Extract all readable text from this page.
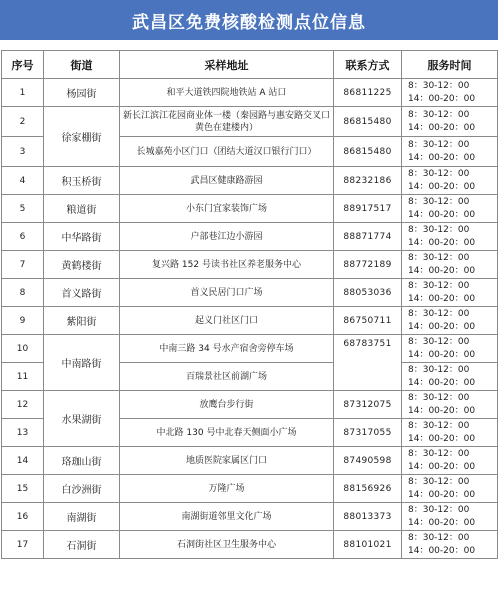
武昌区免费核酸检测点位信息
序号	街道	采样地址	联系方式	服务时间
1	杨园街	和平大道铁四院地铁站 A 站口	86811225	8：30-12：00
14：00-20：00

2	徐家棚街	新长江滨江花园商业体一楼（秦园路与惠安路交叉口黄色在建楼内）	86815480	8：30-12：00
14：00-20：00

3		长城嘉苑小区门口（团结大道汉口银行门口）	86815480	8：30-12：00
14：00-20：00

4	积玉桥街	武昌区健康路游园	88232186	8：30-12：00
14：00-20：00

5	粮道街	小东门宜家装饰广场	88917517	8：30-12：00
14：00-20：00

6	中华路街	户部巷江边小游园	88871774	8：30-12：00
14：00-20：00

7	黄鹤楼街	复兴路 152 号读书社区养老服务中心	88772189	8：30-12：00
14：00-20：00

8	首义路街	首义民居门口广场	88053036	8：30-12：00
14：00-20：00

9	紫阳街	起义门社区门口	86750711	8：30-12：00
14：00-20：00

10	中南路街	中南三路 34 号水产宿舍旁停车场	68783751	8：30-12：00
14：00-20：00

11		百瑞景社区前湖广场		8：30-12：00
14：00-20：00

12	水果湖街	放鹰台步行街	87312075	8：30-12：00
14：00-20：00

13		中北路 130 号中北春天侧面小广场	87317055	8：30-12：00
14：00-20：00

14	珞珈山街	地质医院家属区门口	87490598	8：30-12：00
14：00-20：00

15	白沙洲街	万隆广场	88156926	8：30-12：00
14：00-20：00

16	南湖街	南湖街道邻里文化广场	88013373	8：30-12：00
14：00-20：00

17	石洞街	石洞街社区卫生服务中心	88101021	8：30-12：00
14：00-20：00
